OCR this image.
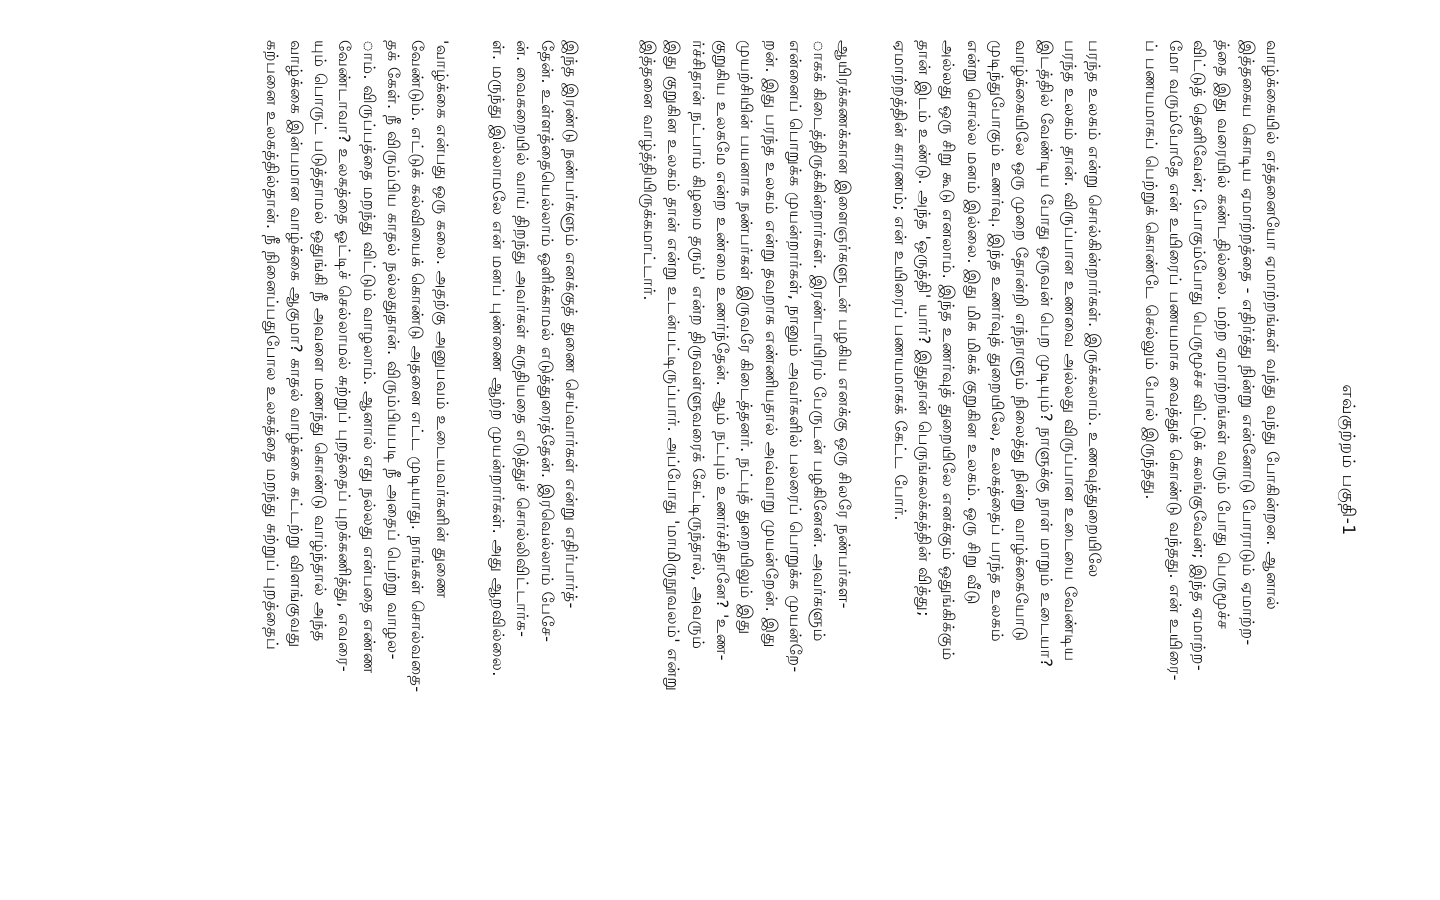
எவ்குற்றம் பகுதி-1
வாழ்க்கையில் எத்தனையோ ஏமாற்றங்கள் வந்து வந்து போகின்றன. ஆனால்
இத்தகைய கொடிய ஏமாற்றத்தை - எதிர்த்து நின்று என்னோடு போராடும் ஏமாற்ற-
த்தை இது வரையில் கண்டதில்லை. மற்ற ஏமாற்றங்கள் வரும் போது பெருமூச்ச
விட்டுத் தெளிவேன்; போகும்போது பெருமூச்ச விட்டுக் கலங்குவேன்; இந்த ஏமாற்ற-
மோ வரும்போதே என் உயிரைப் பணயமாக வைத்துக் கொண்டு வந்தது. என் உயிரை-
ப் பணயமாகப் பெற்றுக் கொண்டே செல்லும் போல் இருந்தது.
பரந்த உலகம் என்று சொல்கின்றார்கள். இருக்கலாம். உணவுத்துறையிலே
பரந்த உலகம் தான். விருப்பான உணவை அல்லது விருப்பான உடையை வேண்டிய
இடத்தில் வேண்டிய போது ஒருவன் பெற முடியும்? நாளுக்கு நாள் மாறும் உடையா?
வாழ்க்கையிலே ஒரு முறை தோன்றி எந்நாளும் நிலைத்து நின்று வாழ்க்கையோடு
முடிந்துபோகும் உணர்வு. இந்த உணர்வுத் துறையிலே, உலகத்தைப் பரந்த உலகம்
என்று சொல்ல மனம் இல்லை. இது மிக மிகக் குறுகின உலகம். ஒரு சிறு வீடு
அல்லது ஒரு சிறு கூடு எனலாம். இந்த உணர்வுத் துறையிலே எனக்கும் ஒதுங்கிக்கும்
தான் இடம் உண்டு. அந்த 'ஒருத்தி' யார்? இதுதான் பெருங்கலக்கத்தின் வித்து;
ஏமாற்றத்தின் காரணம்; என் உயிரைப் பணயமாகக் கேட்ட போர்.
ஆயிரக்கணக்கான இளைஞர்களுடன் பழகிய எனக்கு ஒரு சிலரே நண்பர்கள-
ாகக் கிடைத்திருக்கின்றார்கள். இரண்டாயிரம் பேருடன் பழகினேன். அவர்களும்
என்னைப் பொறுக்க முயன்றார்கள், நானும் அவர்களில் பலரைப் பொறுக்க முயன்றே-
றன். இது பரந்த உலகம் என்று தவறாக எண்ணியதால் அவ்வாறு முயன்றேன். இது
முயற்சியின் பயனாக நண்பர்கள் இருவரே கிடைத்தனர். நட்புத் துறையிலும் இது
குறுகிய உலகமே என்ற உண்மை உணர்ந்தேன். ஆம் நட்பும் உணர்ச்சிதானே? 'உண-
ர்ச்சிதான் நட்பாம் கிழமை தரும்' என்ற திருவள்ளுவரைக் கேட்டிருந்தால், அவரும்
இது குறுகின உலகம் தான் என்று உடன்பட்டிருப்பார். அப்போது 'மாமிருநூவலம்' என்று
இத்தனை வாழ்த்தியிருக்கமாட்டார்.
இந்த இரண்டு நண்பர்களும் எனக்குத் துணை செய்வார்கள் என்று எதிர்பார்த்-
தேன். உள்ளத்தையெல்லாம் ஒளிக்காமல் எடுத்துரைத்தேன். இரவெல்லாம் பேசே-
ன். வைகறையில் வாய் திறந்து அவர்கள் கருதியதை எடுத்துச் சொல்லிவிட்டார்க-
ள். மருந்து இல்லாமலே என் மனப் புண்ணை ஆற்ற முயன்றார்கள். அது ஆறவில்லை.
'வாழ்க்கை என்பது ஒரு கலை. அதற்கு அனுபவம் உடையவர்களின் துணை
வேண்டும். எட்டுக் கல்வியைக் கொண்டு அதனை எட்ட முடியாது. நாங்கள் சொல்வதை-
தக் கேள். நீ விரும்பிய காதல் நல்லதுதான். விரும்பியபடி நீ அதைப் பெற்று வாழல-
ாம். விருப்பத்தை மறந்து விட்டும் வாழலாம். ஆனால் எது நல்லது என்பதை எண்ண
வேண்டாவா? உலகத்தை ஓட்டிச் செல்லாமல் சுற்றுப் புறத்தைப் புறக்கணித்து, எவரை-
யும் பொருட் படுத்தாமல் ஒதுங்கி நீ அவளை மணந்து கொண்டு வாழ்ந்தால் அந்த
வாழ்க்கை இன்பமான வாழ்க்கை ஆகுமா? காதல் வாழ்க்கை கட்டற்று விளங்குவது
கற்பனை உலகத்தில்தான். நீ நினைப்பதுபோல உலகத்தை மறந்து சுற்றுப் புறத்தைப்
